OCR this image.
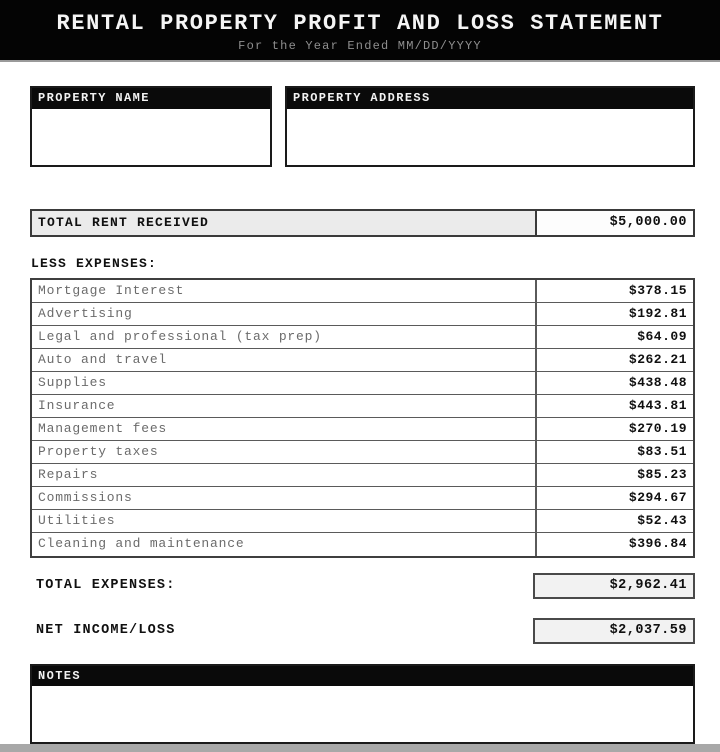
RENTAL PROPERTY PROFIT AND LOSS STATEMENT
For the Year Ended MM/DD/YYYY
PROPERTY NAME	PROPERTY ADDRESS
TOTAL RENT RECEIVED	$5,000.00
LESS EXPENSES:
Mortgage Interest	$378.15
Advertising	$192.81
Legal and professional (tax prep)	$64.09
Auto and travel	$262.21
Supplies	$438.48
Insurance	$443.81
Management fees	$270.19
Property taxes	$83.51
Repairs	$85.23
Commissions	$294.67
Utilities	$52.43
Cleaning and maintenance	$396.84
TOTAL EXPENSES:	$2,962.41
NET INCOME/LOSS	$2,037.59
NOTES
